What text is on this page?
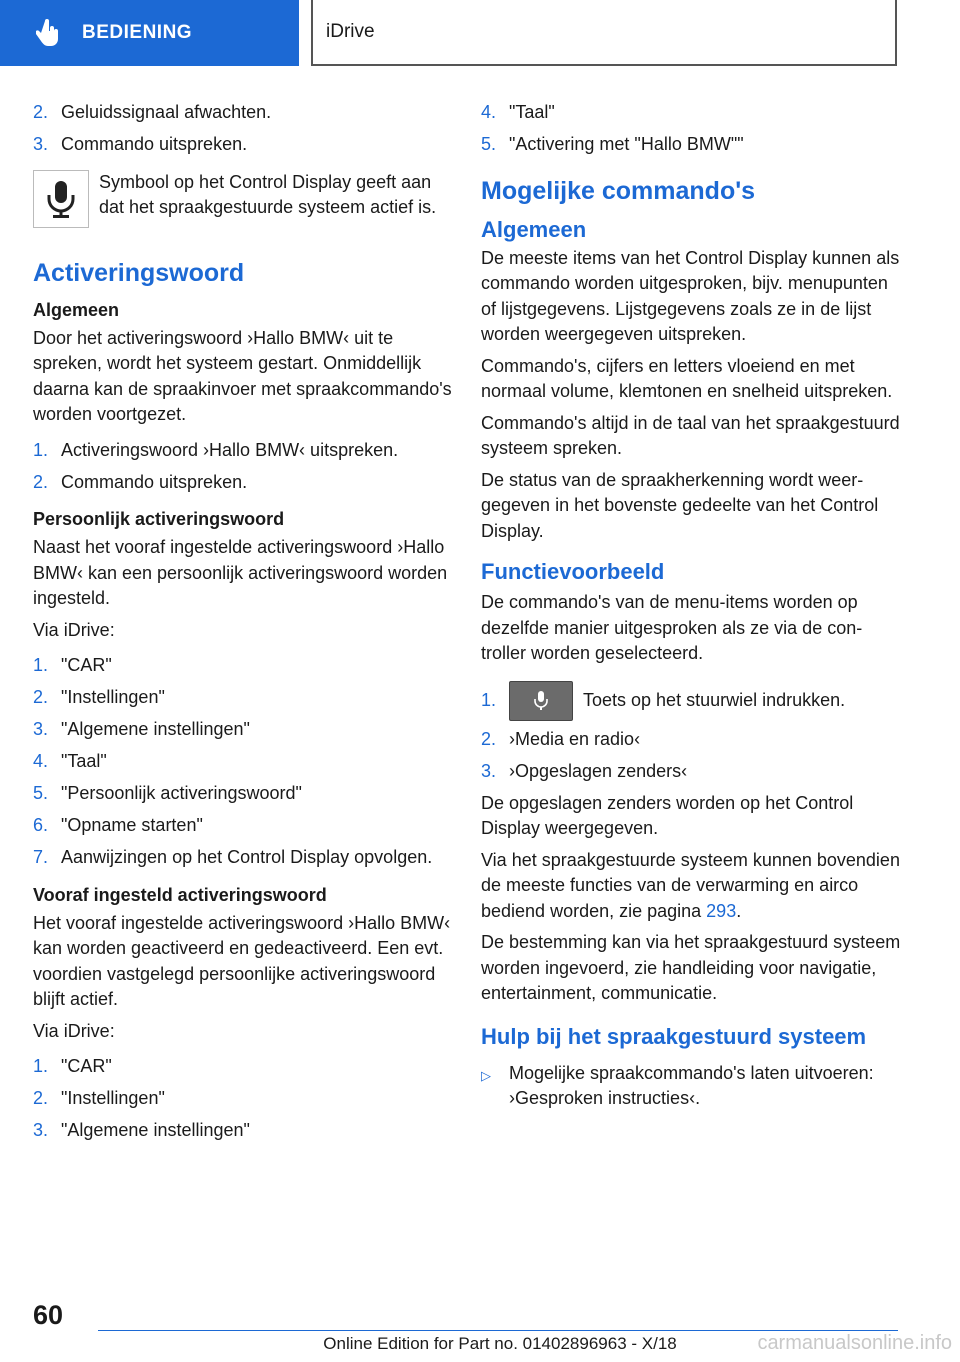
BEDIENING	iDrive
2. Geluidssignaal afwachten.
3. Commando uitspreken.
Symbool op het Control Display geeft aan dat het spraakgestuurde systeem actief is.
Activeringswoord
Algemeen

Door het activeringswoord ›Hallo BMW‹ uit te spreken, wordt het systeem gestart. Onmiddellijk daarna kan de spraakinvoer met spraakcommando's worden voortgezet.

1. Activeringswoord ›Hallo BMW‹ uitspreken.
2. Commando uitspreken.
Persoonlijk activeringswoord

Naast het vooraf ingestelde activeringswoord ›Hallo BMW‹ kan een persoonlijk activeringswoord worden ingesteld.

Via iDrive:

1. "CAR"
2. "Instellingen"
3. "Algemene instellingen"
4. "Taal"
5. "Persoonlijk activeringswoord"
6. "Opname starten"
7. Aanwijzingen op het Control Display opvolgen.
Vooraf ingesteld activeringswoord

Het vooraf ingestelde activeringswoord ›Hallo BMW‹ kan worden geactiveerd en gedeactiveerd. Een evt. voordien vastgelegd persoonlijke activeringswoord blijft actief.

Via iDrive:

1. "CAR"
2. "Instellingen"
3. "Algemene instellingen"
4. "Taal"
5. "Activering met "Hallo BMW""
Mogelijke commando's
Algemeen

De meeste items van het Control Display kunnen als commando worden uitgesproken, bijv. menupunten of lijstgegevens. Lijstgegevens zoals ze in de lijst worden weergegeven uitspreken.

Commando's, cijfers en letters vloeiend en met normaal volume, klemtonen en snelheid uitspreken.

Commando's altijd in de taal van het spraakgestuurd systeem spreken.

De status van de spraakherkenning wordt weergegeven in het bovenste gedeelte van het Control Display.

Functievoorbeeld

De commando's van de menu-items worden op dezelfde manier uitgesproken als ze via de controller worden geselecteerd.

1.	Toets op het stuurwiel indrukken.
2. ›Media en radio‹
3. ›Opgeslagen zenders‹

De opgeslagen zenders worden op het Control Display weergegeven.

Via het spraakgestuurde systeem kunnen bovendien de meeste functies van de verwarming en airco bediend worden, zie pagina 293.

De bestemming kan via het spraakgestuurd systeem worden ingevoerd, zie handleiding voor navigatie, entertainment, communicatie.

Hulp bij het spraakgestuurd systeem
▷	Mogelijke spraakcommando's laten uitvoeren: ›Gesproken instructies‹.
60
Online Edition for Part no. 01402896963 - X/18	carmanualsonline.info
